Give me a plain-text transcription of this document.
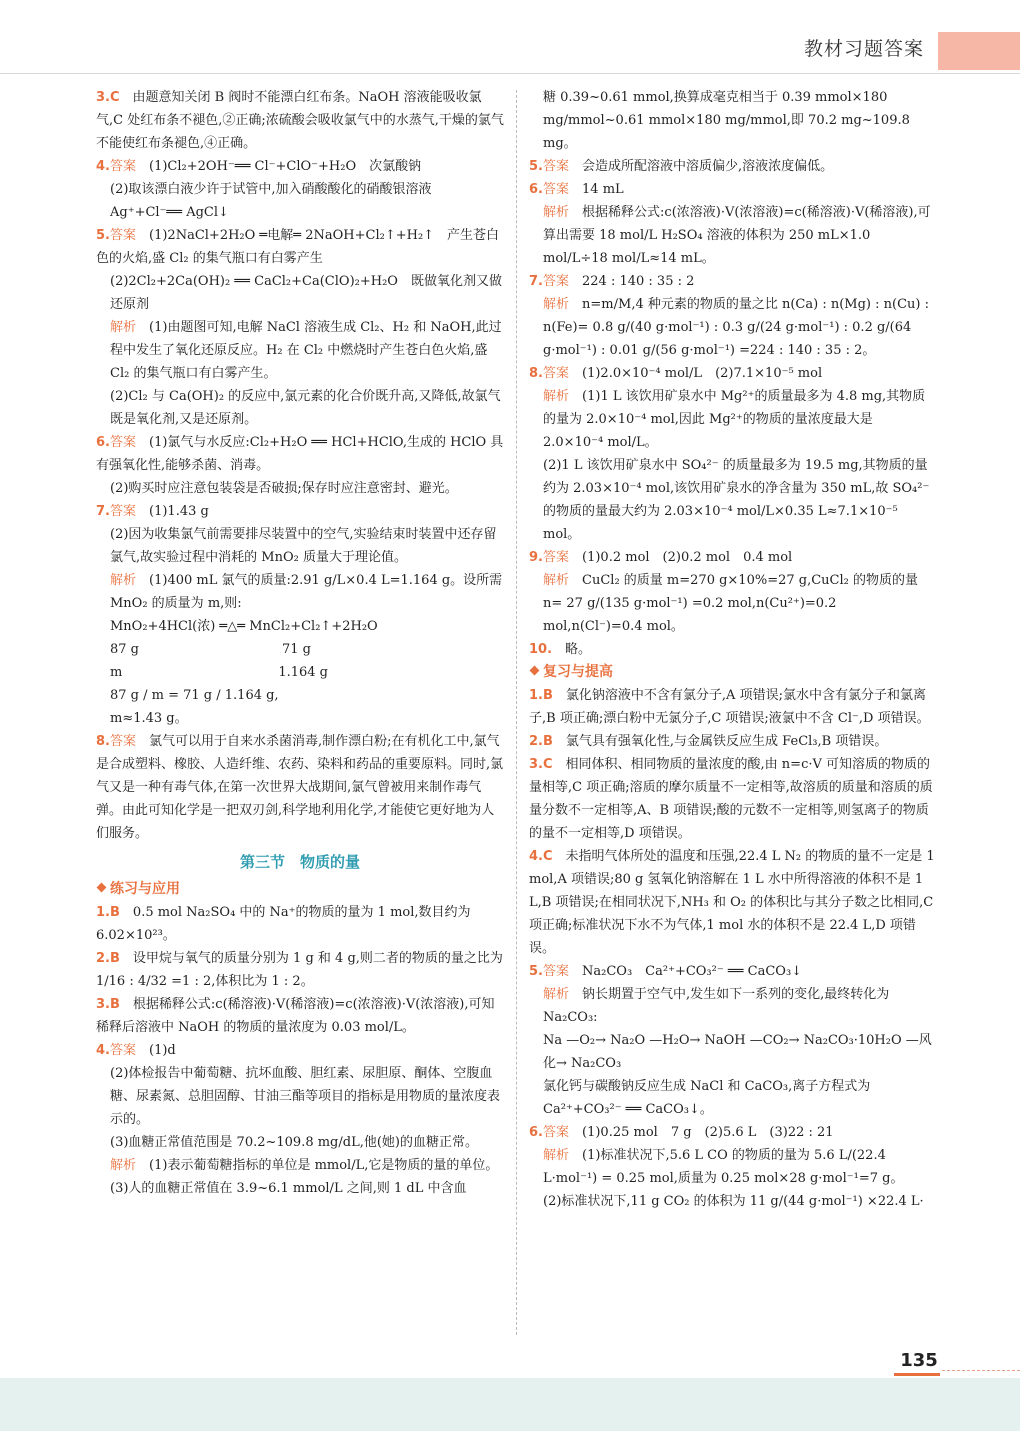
教材习题答案

3.C　 由题意知关闭 B 阀时不能漂白红布条。NaOH 溶液能吸收氯气,C 处红布条不褪色,②正确;浓硫酸会吸收氯气中的水蒸气,干燥的氯气不能使红布条褪色,④正确。

4.答案　 (1)Cl₂+2OH⁻══ Cl⁻+ClO⁻+H₂O　次氯酸钠

(2)取该漂白液少许于试管中,加入硝酸酸化的硝酸银溶液 Ag⁺+Cl⁻══ AgCl↓

5.答案　 (1)2NaCl+2H₂O ═电解═ 2NaOH+Cl₂↑+H₂↑　产生苍白色的火焰,盛 Cl₂ 的集气瓶口有白雾产生

(2)2Cl₂+2Ca(OH)₂ ══ CaCl₂+Ca(ClO)₂+H₂O　既做氧化剂又做还原剂

解析　 (1)由题图可知,电解 NaCl 溶液生成 Cl₂、H₂ 和 NaOH,此过程中发生了氧化还原反应。H₂ 在 Cl₂ 中燃烧时产生苍白色火焰,盛 Cl₂ 的集气瓶口有白雾产生。

(2)Cl₂ 与 Ca(OH)₂ 的反应中,氯元素的化合价既升高,又降低,故氯气既是氧化剂,又是还原剂。

6.答案　 (1)氯气与水反应:Cl₂+H₂O ══ HCl+HClO,生成的 HClO 具有强氧化性,能够杀菌、消毒。

(2)购买时应注意包装袋是否破损;保存时应注意密封、避光。

7.答案　 (1)1.43 g

(2)因为收集氯气前需要排尽装置中的空气,实验结束时装置中还存留氯气,故实验过程中消耗的 MnO₂ 质量大于理论值。

解析　 (1)400 mL 氯气的质量:2.91 g/L×0.4 L=1.164 g。设所需 MnO₂ 的质量为 m,则:

MnO₂+4HCl(浓) ═△═ MnCl₂+Cl₂↑+2H₂O

87 g　　　　　　　　　　　71 g

m　　　　　　　　　　　　1.164 g

87 g / m = 71 g / 1.164 g,

m≈1.43 g。

8.答案　 氯气可以用于自来水杀菌消毒,制作漂白粉;在有机化工中,氯气是合成塑料、橡胶、人造纤维、农药、染料和药品的重要原料。同时,氯气又是一种有毒气体,在第一次世界大战期间,氯气曾被用来制作毒气弹。由此可知化学是一把双刃剑,科学地利用化学,才能使它更好地为人们服务。

第三节　物质的量
练习与应用

1.B　 0.5 mol Na₂SO₄ 中的 Na⁺的物质的量为 1 mol,数目约为 6.02×10²³。

2.B　 设甲烷与氧气的质量分别为 1 g 和 4 g,则二者的物质的量之比为 1/16 : 4/32 =1 : 2,体积比为 1 : 2。

3.B　 根据稀释公式:c(稀溶液)·V(稀溶液)=c(浓溶液)·V(浓溶液),可知稀释后溶液中 NaOH 的物质的量浓度为 0.03 mol/L。

4.答案　 (1)d

(2)体检报告中葡萄糖、抗坏血酸、胆红素、尿胆原、酮体、空腹血糖、尿素氮、总胆固醇、甘油三酯等项目的指标是用物质的量浓度表示的。

(3)血糖正常值范围是 70.2~109.8 mg/dL,他(她)的血糖正常。

解析　 (1)表示葡萄糖指标的单位是 mmol/L,它是物质的量的单位。

(3)人的血糖正常值在 3.9~6.1 mmol/L 之间,则 1 dL 中含血

糖 0.39~0.61 mmol,换算成毫克相当于 0.39 mmol×180 mg/mmol~0.61 mmol×180 mg/mmol,即 70.2 mg~109.8 mg。

5.答案　 会造成所配溶液中溶质偏少,溶液浓度偏低。

6.答案　 14 mL

解析　 根据稀释公式:c(浓溶液)·V(浓溶液)=c(稀溶液)·V(稀溶液),可算出需要 18 mol/L H₂SO₄ 溶液的体积为 250 mL×1.0 mol/L÷18 mol/L≈14 mL。

7.答案　 224 : 140 : 35 : 2

解析　 n=m/M,4 种元素的物质的量之比 n(Ca) : n(Mg) : n(Cu) : n(Fe)= 0.8 g/(40 g·mol⁻¹) : 0.3 g/(24 g·mol⁻¹) : 0.2 g/(64 g·mol⁻¹) : 0.01 g/(56 g·mol⁻¹) =224 : 140 : 35 : 2。

8.答案　 (1)2.0×10⁻⁴ mol/L　(2)7.1×10⁻⁵ mol

解析　 (1)1 L 该饮用矿泉水中 Mg²⁺的质量最多为 4.8 mg,其物质的量为 2.0×10⁻⁴ mol,因此 Mg²⁺的物质的量浓度最大是 2.0×10⁻⁴ mol/L。

(2)1 L 该饮用矿泉水中 SO₄²⁻ 的质量最多为 19.5 mg,其物质的量约为 2.03×10⁻⁴ mol,该饮用矿泉水的净含量为 350 mL,故 SO₄²⁻ 的物质的量最大约为 2.03×10⁻⁴ mol/L×0.35 L≈7.1×10⁻⁵ mol。

9.答案　 (1)0.2 mol　(2)0.2 mol　0.4 mol

解析　 CuCl₂ 的质量 m=270 g×10%=27 g,CuCl₂ 的物质的量 n= 27 g/(135 g·mol⁻¹) =0.2 mol,n(Cu²⁺)=0.2 mol,n(Cl⁻)=0.4 mol。

10.　 略。

复习与提高

1.B　 氯化钠溶液中不含有氯分子,A 项错误;氯水中含有氯分子和氯离子,B 项正确;漂白粉中无氯分子,C 项错误;液氯中不含 Cl⁻,D 项错误。

2.B　 氯气具有强氧化性,与金属铁反应生成 FeCl₃,B 项错误。

3.C　 相同体积、相同物质的量浓度的酸,由 n=c·V 可知溶质的物质的量相等,C 项正确;溶质的摩尔质量不一定相等,故溶质的质量和溶质的质量分数不一定相等,A、B 项错误;酸的元数不一定相等,则氢离子的物质的量不一定相等,D 项错误。

4.C　 未指明气体所处的温度和压强,22.4 L N₂ 的物质的量不一定是 1 mol,A 项错误;80 g 氢氧化钠溶解在 1 L 水中所得溶液的体积不是 1 L,B 项错误;在相同状况下,NH₃ 和 O₂ 的体积比与其分子数之比相同,C 项正确;标准状况下水不为气体,1 mol 水的体积不是 22.4 L,D 项错误。

5.答案　 Na₂CO₃　Ca²⁺+CO₃²⁻ ══ CaCO₃↓

解析　 钠长期置于空气中,发生如下一系列的变化,最终转化为 Na₂CO₃:

Na —O₂→ Na₂O —H₂O→ NaOH —CO₂→ Na₂CO₃·10H₂O —风化→ Na₂CO₃

氯化钙与碳酸钠反应生成 NaCl 和 CaCO₃,离子方程式为Ca²⁺+CO₃²⁻ ══ CaCO₃↓。

6.答案　 (1)0.25 mol　7 g　(2)5.6 L　(3)22 : 21

解析　 (1)标准状况下,5.6 L CO 的物质的量为 5.6 L/(22.4 L·mol⁻¹) = 0.25 mol,质量为 0.25 mol×28 g·mol⁻¹=7 g。

(2)标准状况下,11 g CO₂ 的体积为 11 g/(44 g·mol⁻¹) ×22.4 L·

135
